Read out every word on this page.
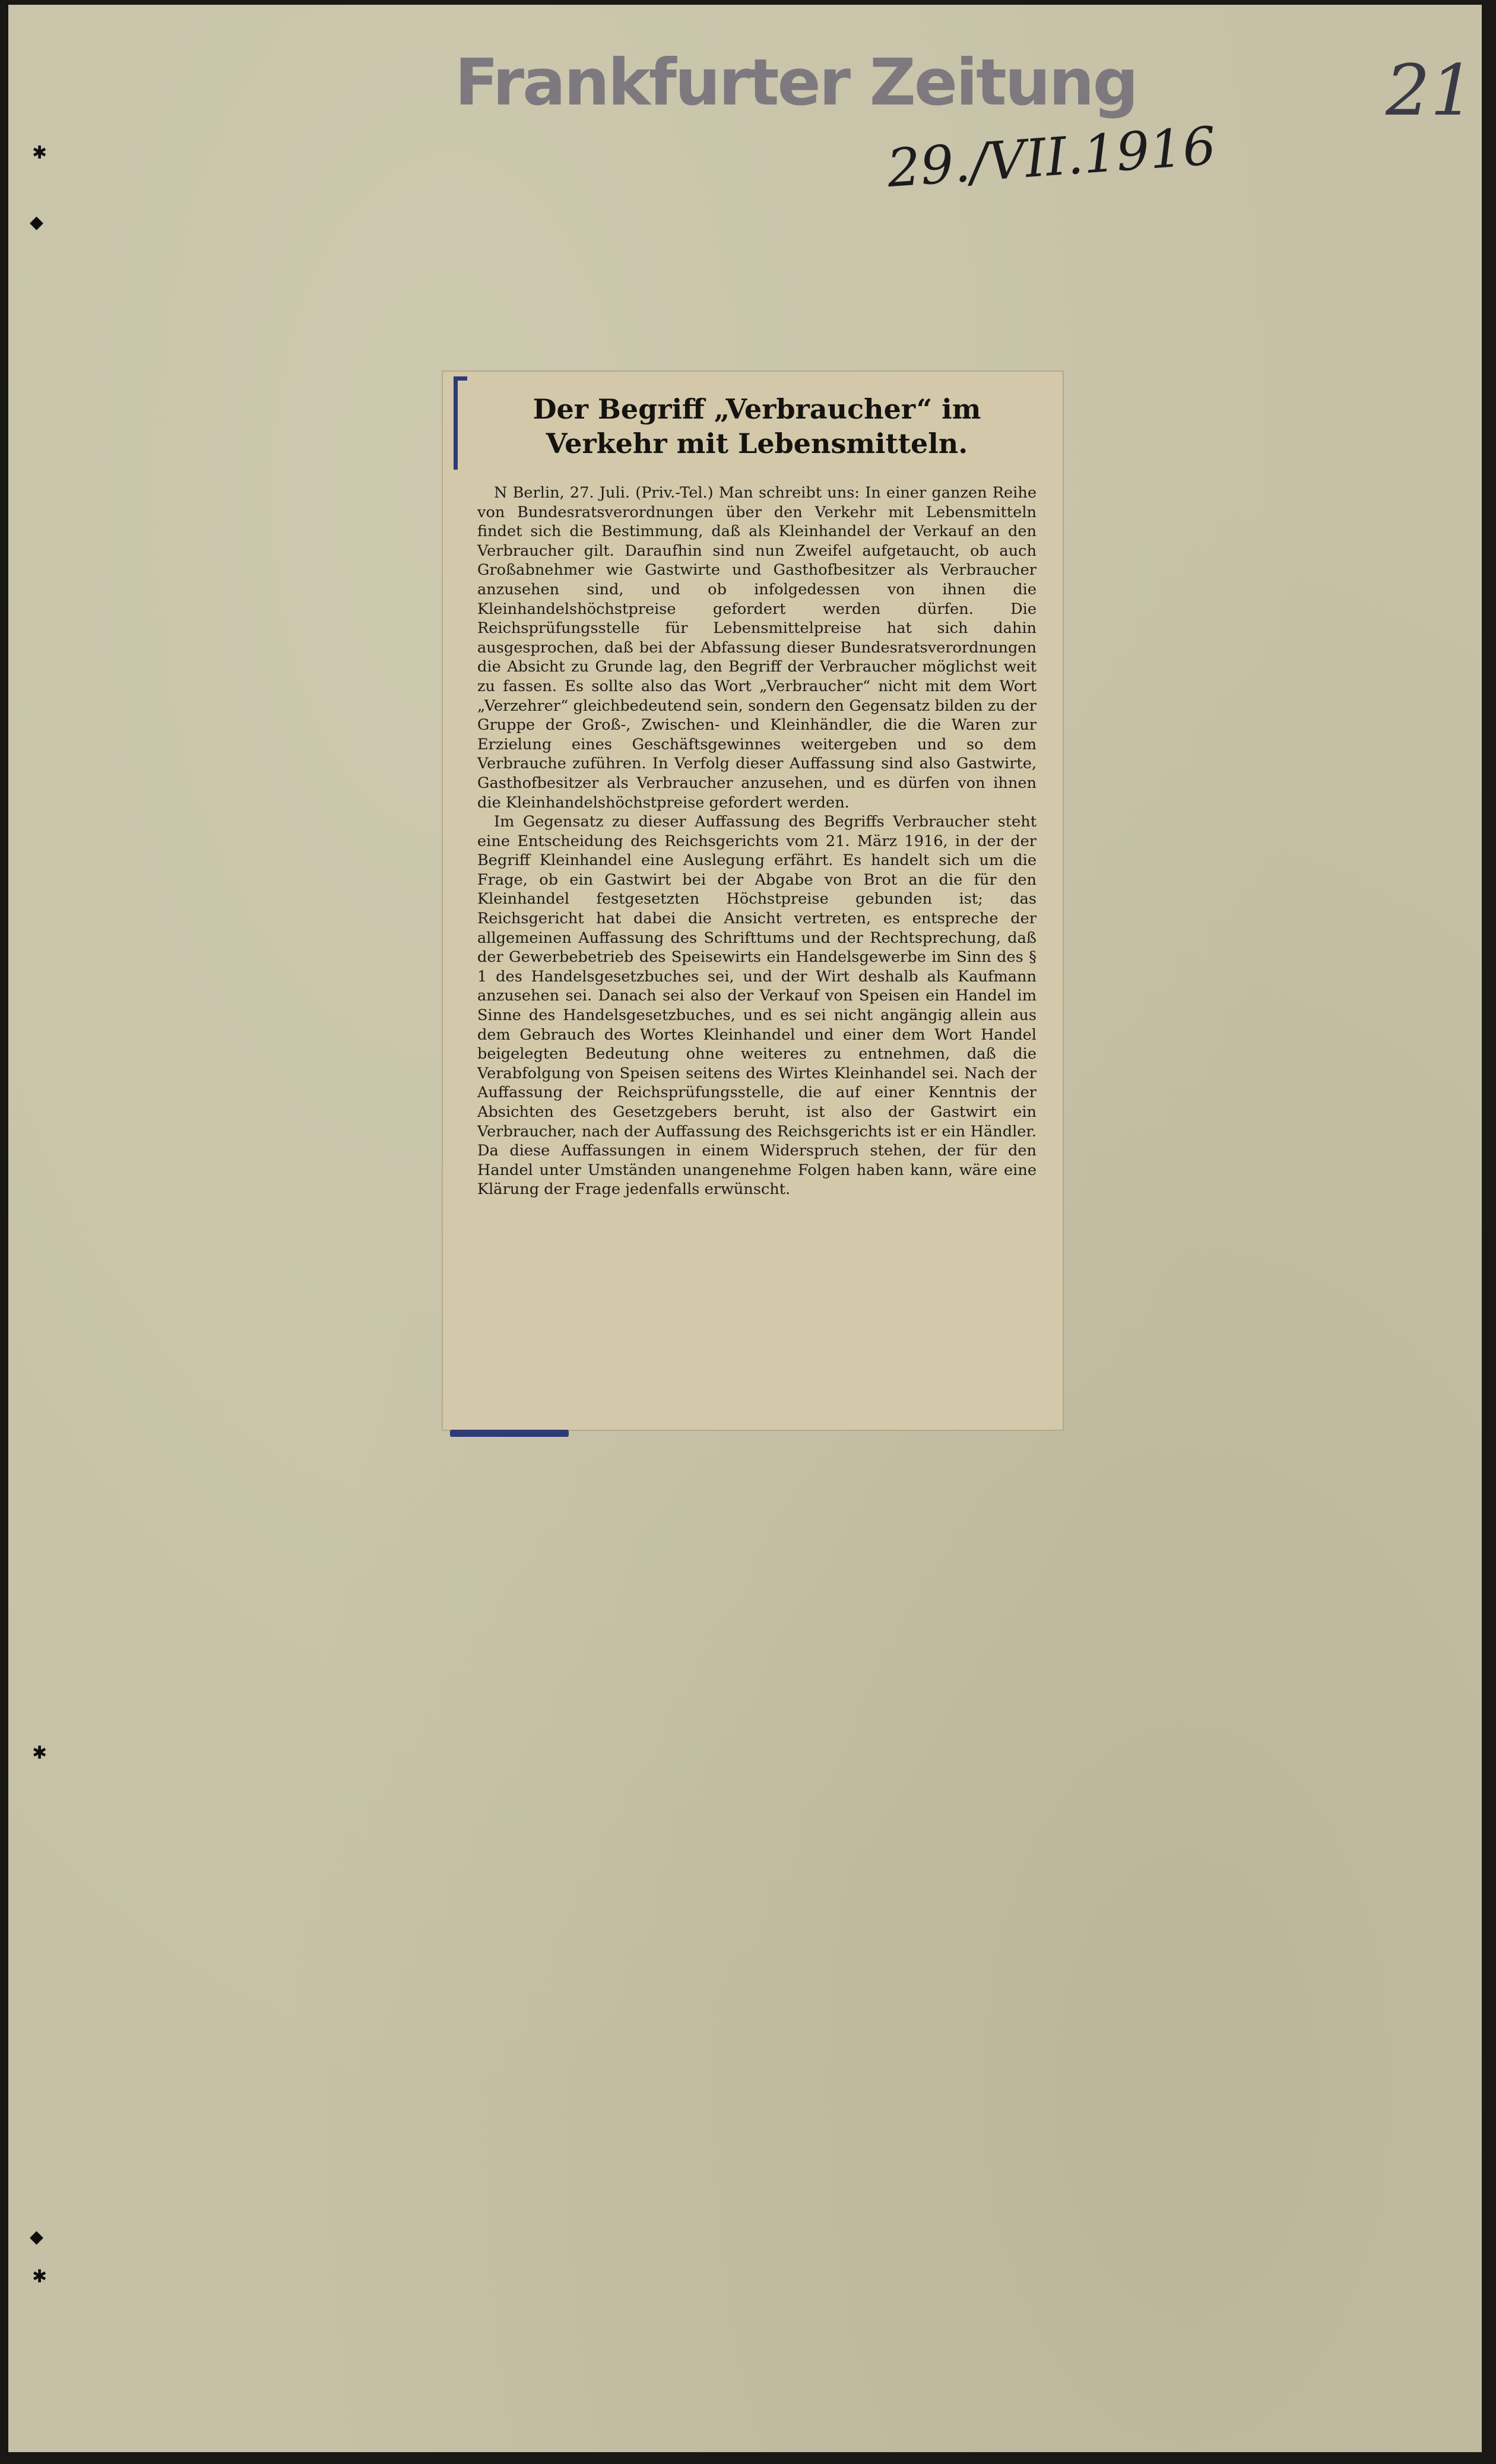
Frankfurter Zeitung
29./VII.1916
21
✱
◆
✱
◆
✱
Der Begriff „Verbraucher“ im Verkehr mit Lebensmitteln.

N Berlin, 27. Juli. (Priv.-Tel.) Man schreibt uns: In einer ganzen Reihe von Bundesratsverordnungen über den Verkehr mit Lebensmitteln findet sich die Bestimmung, daß als Kleinhandel der Verkauf an den Verbraucher gilt. Daraufhin sind nun Zweifel aufgetaucht, ob auch Großabnehmer wie Gastwirte und Gasthofbesitzer als Verbraucher anzusehen sind, und ob infolgedessen von ihnen die Kleinhandelshöchstpreise gefordert werden dürfen. Die Reichsprüfungsstelle für Lebensmittelpreise hat sich dahin ausgesprochen, daß bei der Abfassung dieser Bundesratsverordnungen die Absicht zu Grunde lag, den Begriff der Verbraucher möglichst weit zu fassen. Es sollte also das Wort „Verbraucher“ nicht mit dem Wort „Verzehrer“ gleichbedeutend sein, sondern den Gegensatz bilden zu der Gruppe der Groß-, Zwischen- und Kleinhändler, die die Waren zur Erzielung eines Geschäftsgewinnes weitergeben und so dem Verbrauche zuführen. In Verfolg dieser Auffassung sind also Gastwirte, Gasthofbesitzer als Verbraucher anzusehen, und es dürfen von ihnen die Kleinhandelshöchstpreise gefordert werden.

Im Gegensatz zu dieser Auffassung des Begriffs Verbraucher steht eine Entscheidung des Reichsgerichts vom 21. März 1916, in der der Begriff Kleinhandel eine Auslegung erfährt. Es handelt sich um die Frage, ob ein Gastwirt bei der Abgabe von Brot an die für den Kleinhandel festgesetzten Höchstpreise gebunden ist; das Reichsgericht hat dabei die Ansicht vertreten, es entspreche der allgemeinen Auffassung des Schrifttums und der Rechtsprechung, daß der Gewerbebetrieb des Speisewirts ein Handelsgewerbe im Sinn des § 1 des Handelsgesetzbuches sei, und der Wirt deshalb als Kaufmann anzusehen sei. Danach sei also der Verkauf von Speisen ein Handel im Sinne des Handelsgesetzbuches, und es sei nicht angängig allein aus dem Gebrauch des Wortes Kleinhandel und einer dem Wort Handel beigelegten Bedeutung ohne weiteres zu entnehmen, daß die Verabfolgung von Speisen seitens des Wirtes Kleinhandel sei. Nach der Auffassung der Reichsprüfungsstelle, die auf einer Kenntnis der Absichten des Gesetzgebers beruht, ist also der Gastwirt ein Verbraucher, nach der Auffassung des Reichsgerichts ist er ein Händler. Da diese Auffassungen in einem Widerspruch stehen, der für den Handel unter Umständen unangenehme Folgen haben kann, wäre eine Klärung der Frage jedenfalls erwünscht.
